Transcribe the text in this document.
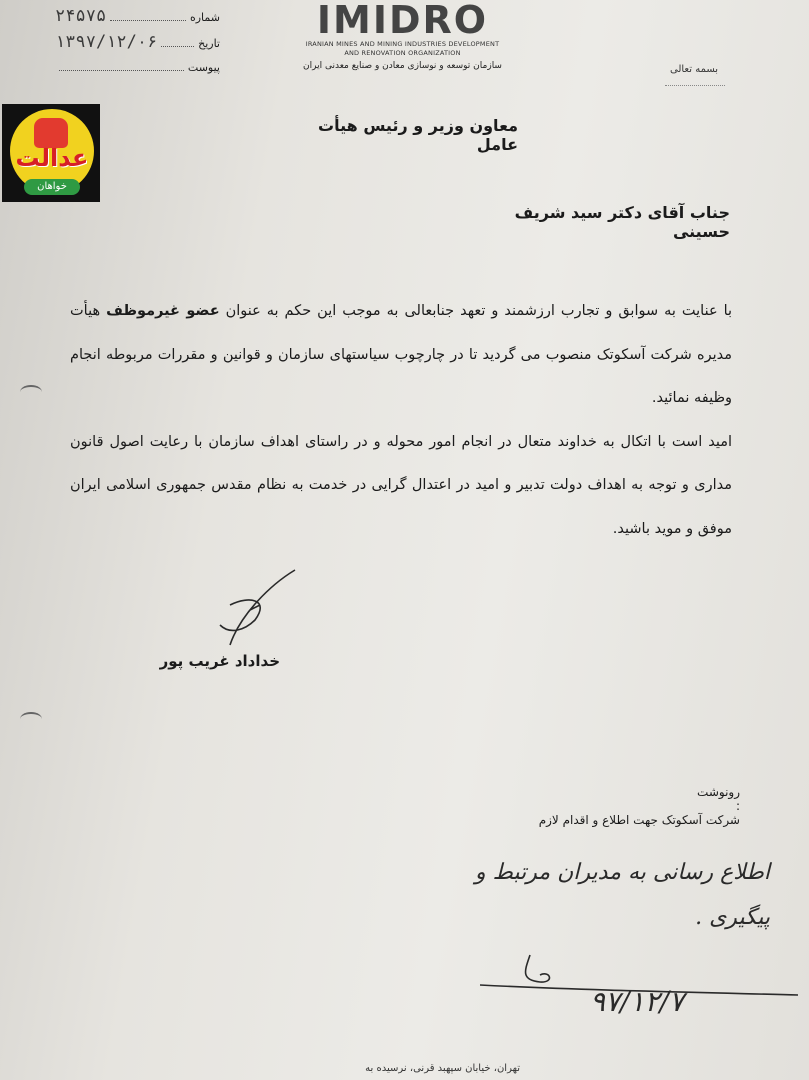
شماره
۲۴۵۷۵
تاریخ
۱۳۹۷/۱۲/۰۶
پیوست
IMIDRO
IRANIAN MINES AND MINING INDUSTRIES DEVELOPMENT
AND RENOVATION ORGANIZATION
سازمان توسعه و نوسازی معادن و صنایع معدنی ایران	بسمه تعالی
عدالت
خواهان
معاون وزیر و رئیس هیأت عامل
جناب آقای دکتر سید شریف حسینی

با عنایت به سوابق و تجارب ارزشمند و تعهد جنابعالی به موجب این حکم به عنوان عضو غیرموظف هیأت مدیره شرکت آسکوتک منصوب می گردید تا در چارچوب سیاستهای سازمان و قوانین و مقررات مربوطه انجام وظیفه نمائید.

امید است با اتکال به خداوند متعال در انجام امور محوله و در راستای اهداف سازمان با رعایت اصول قانون مداری و توجه به اهداف دولت تدبیر و امید در اعتدال گرایی در خدمت به نظام مقدس جمهوری اسلامی ایران موفق و موید باشید.

خداداد غریب پور
رونوشت :
شرکت آسکوتک جهت اطلاع و اقدام لازم
اطلاع رسانی به مدیران مرتبط و
پیگیری .
۹۷/۱۲/۷
تهران، خیابان سپهبد قرنی، نرسیده به
